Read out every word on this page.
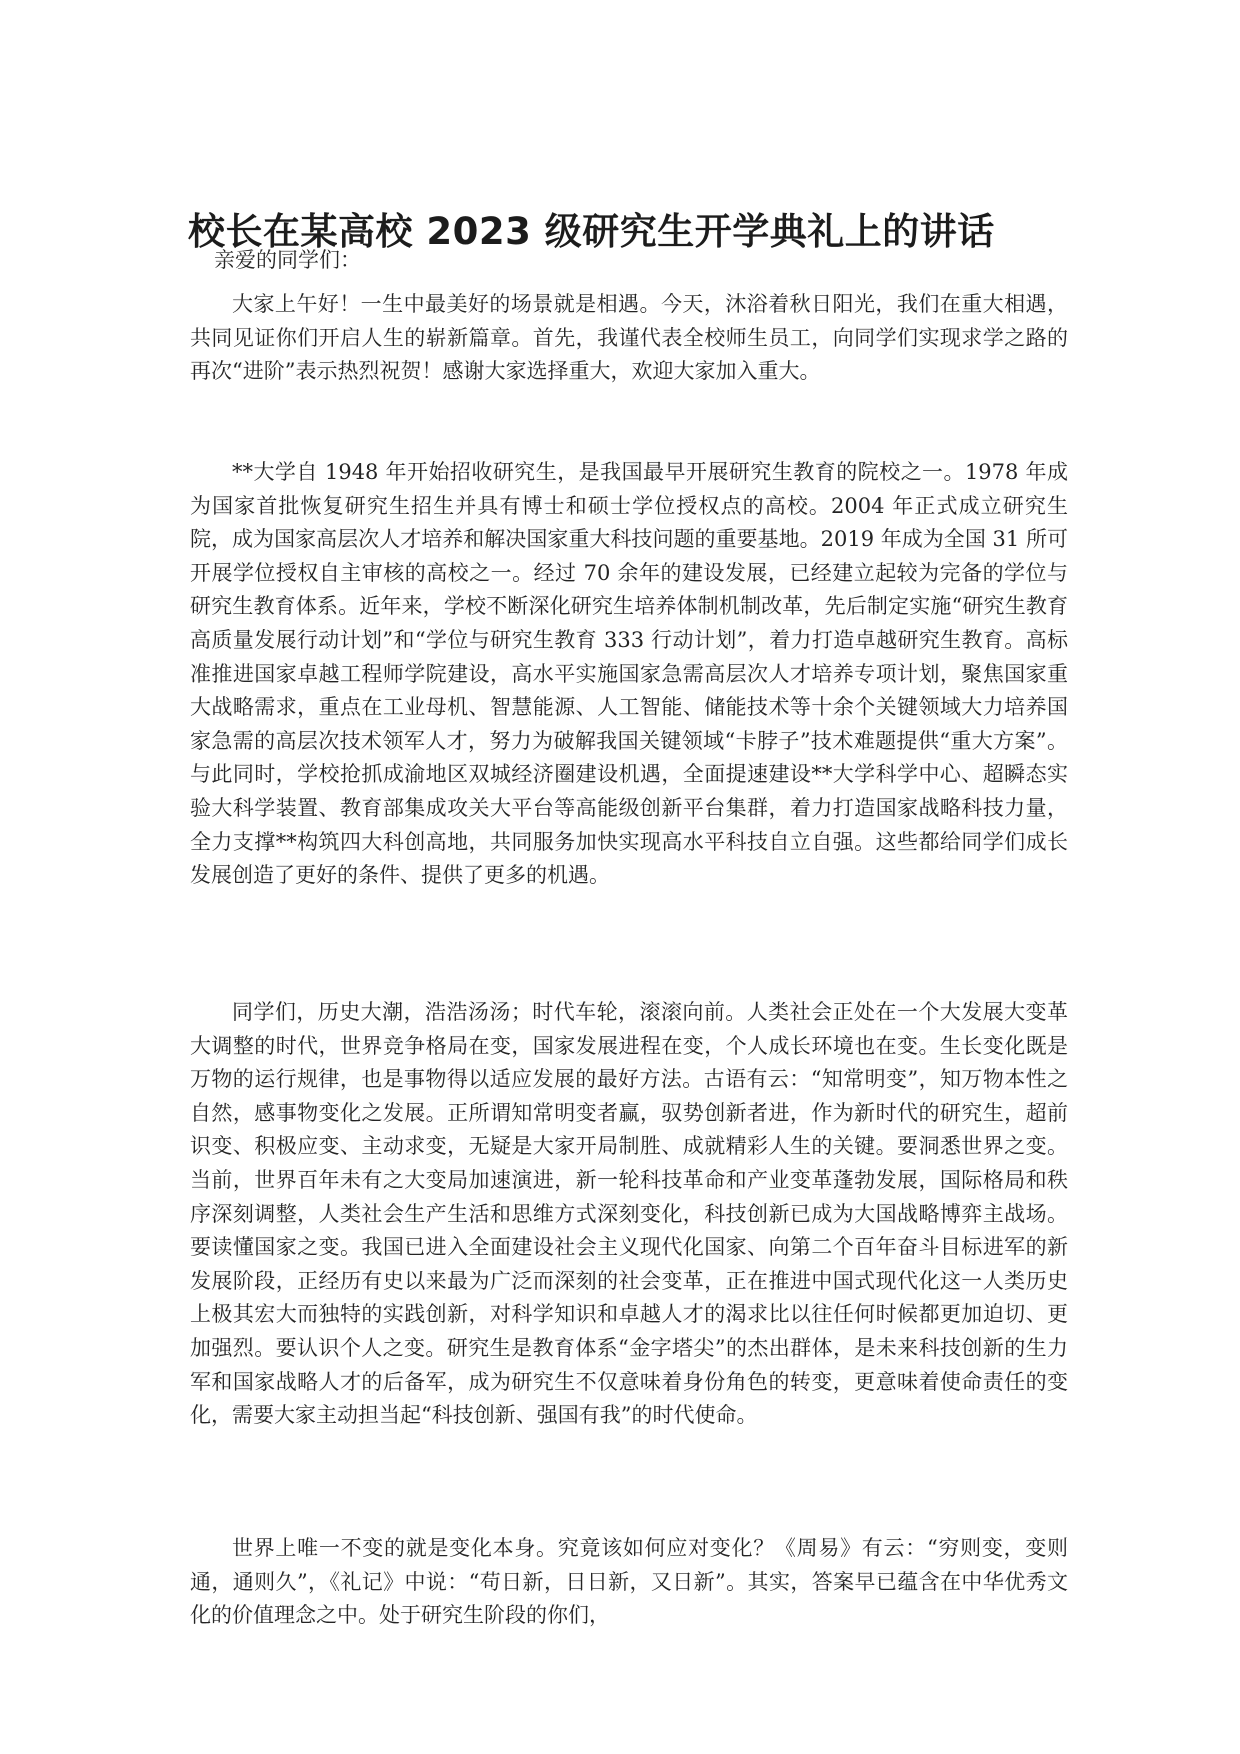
校长在某高校 2023 级研究生开学典礼上的讲话

亲爱的同学们：

大家上午好！一生中最美好的场景就是相遇。今天，沐浴着秋日阳光，我们在重大相遇，共同见证你们开启人生的崭新篇章。首先，我谨代表全校师生员工，向同学们实现求学之路的再次“进阶”表示热烈祝贺！感谢大家选择重大，欢迎大家加入重大。

**大学自 1948 年开始招收研究生，是我国最早开展研究生教育的院校之一。1978 年成为国家首批恢复研究生招生并具有博士和硕士学位授权点的高校。2004 年正式成立研究生院，成为国家高层次人才培养和解决国家重大科技问题的重要基地。2019 年成为全国 31 所可开展学位授权自主审核的高校之一。经过 70 余年的建设发展，已经建立起较为完备的学位与研究生教育体系。近年来，学校不断深化研究生培养体制机制改革，先后制定实施“研究生教育高质量发展行动计划”和“学位与研究生教育 333 行动计划”，着力打造卓越研究生教育。高标准推进国家卓越工程师学院建设，高水平实施国家急需高层次人才培养专项计划，聚焦国家重大战略需求，重点在工业母机、智慧能源、人工智能、储能技术等十余个关键领域大力培养国家急需的高层次技术领军人才，努力为破解我国关键领域“卡脖子”技术难题提供“重大方案”。与此同时，学校抢抓成渝地区双城经济圈建设机遇，全面提速建设**大学科学中心、超瞬态实验大科学装置、教育部集成攻关大平台等高能级创新平台集群，着力打造国家战略科技力量，全力支撑**构筑四大科创高地，共同服务加快实现高水平科技自立自强。这些都给同学们成长发展创造了更好的条件、提供了更多的机遇。

同学们，历史大潮，浩浩汤汤；时代车轮，滚滚向前。人类社会正处在一个大发展大变革大调整的时代，世界竞争格局在变，国家发展进程在变，个人成长环境也在变。生长变化既是万物的运行规律，也是事物得以适应发展的最好方法。古语有云：“知常明变”，知万物本性之自然，感事物变化之发展。正所谓知常明变者赢，驭势创新者进，作为新时代的研究生，超前识变、积极应变、主动求变，无疑是大家开局制胜、成就精彩人生的关键。要洞悉世界之变。当前，世界百年未有之大变局加速演进，新一轮科技革命和产业变革蓬勃发展，国际格局和秩序深刻调整，人类社会生产生活和思维方式深刻变化，科技创新已成为大国战略博弈主战场。要读懂国家之变。我国已进入全面建设社会主义现代化国家、向第二个百年奋斗目标进军的新发展阶段，正经历有史以来最为广泛而深刻的社会变革，正在推进中国式现代化这一人类历史上极其宏大而独特的实践创新，对科学知识和卓越人才的渴求比以往任何时候都更加迫切、更加强烈。要认识个人之变。研究生是教育体系“金字塔尖”的杰出群体，是未来科技创新的生力军和国家战略人才的后备军，成为研究生不仅意味着身份角色的转变，更意味着使命责任的变化，需要大家主动担当起“科技创新、强国有我”的时代使命。

世界上唯一不变的就是变化本身。究竟该如何应对变化？《周易》有云：“穷则变，变则通，通则久”，《礼记》中说：“苟日新，日日新，又日新”。其实，答案早已蕴含在中华优秀文化的价值理念之中。处于研究生阶段的你们，
